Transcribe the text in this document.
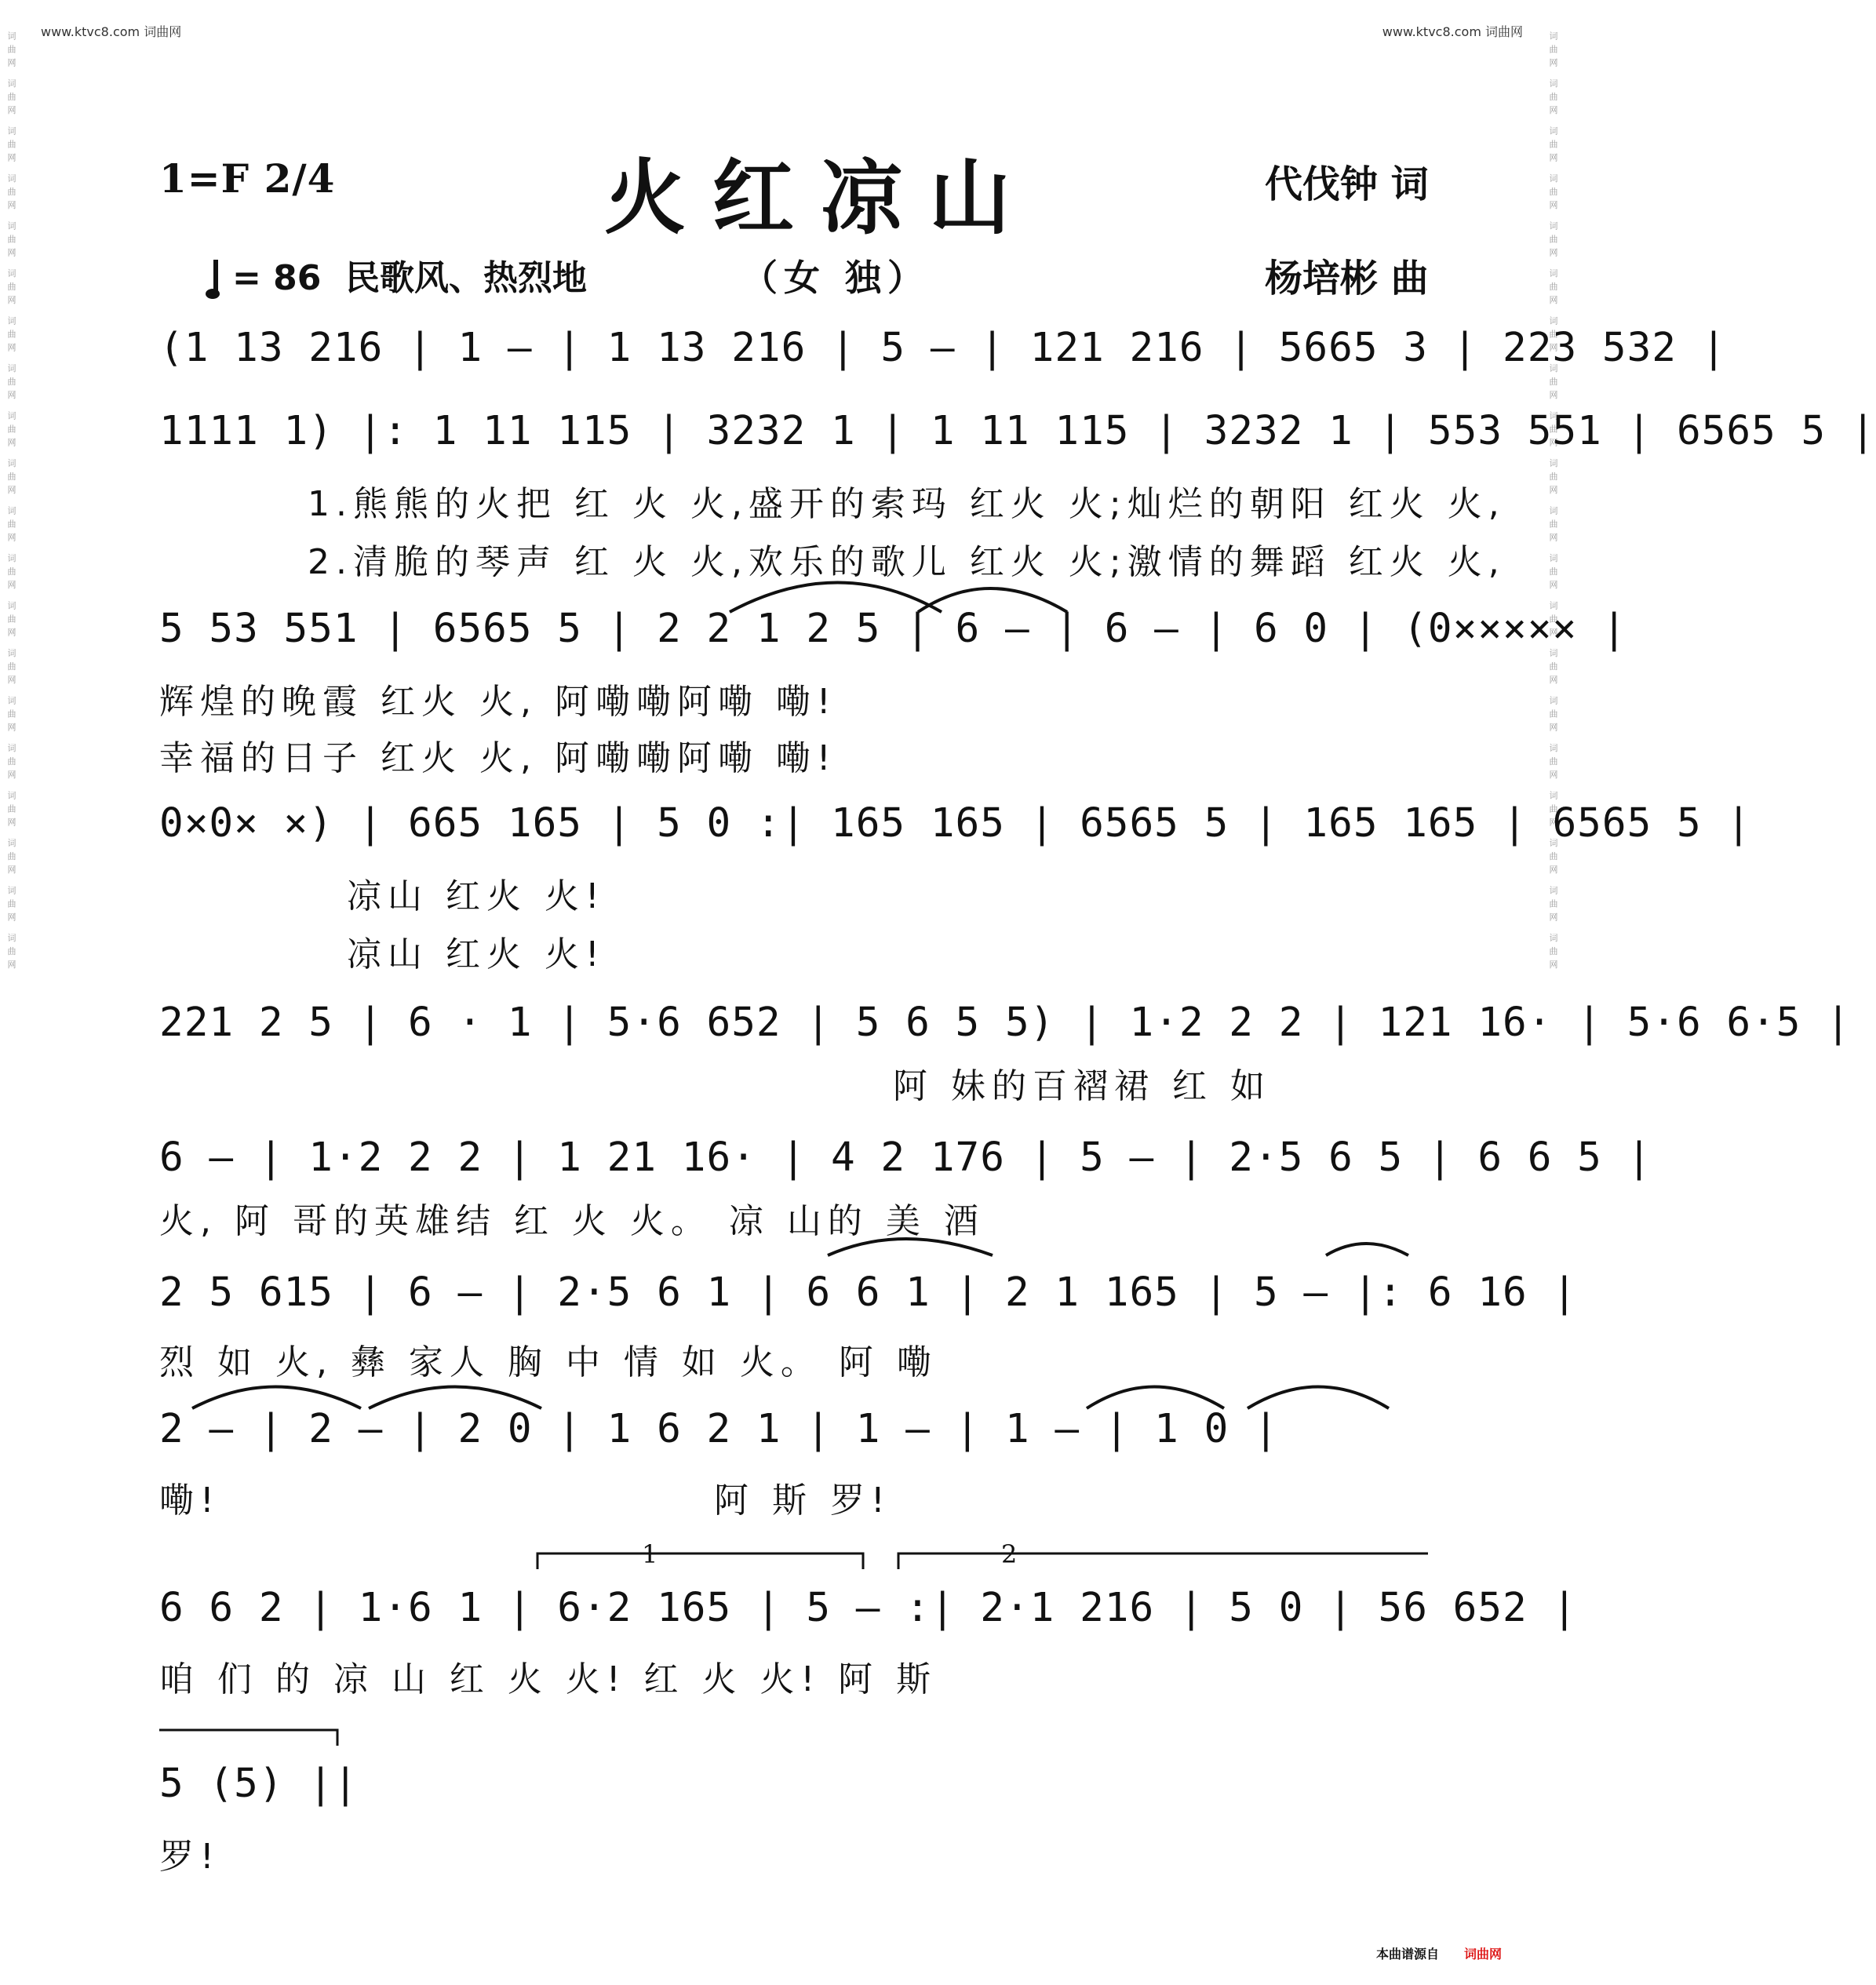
www.ktvc8.com 词曲网	www.ktvc8.com 词曲网
词曲网 词曲网 词曲网 词曲网 词曲网 词曲网 词曲网 词曲网 词曲网 词曲网 词曲网 词曲网 词曲网 词曲网 词曲网 词曲网 词曲网 词曲网 词曲网 词曲网	词曲网 词曲网 词曲网 词曲网 词曲网 词曲网 词曲网 词曲网 词曲网 词曲网 词曲网 词曲网 词曲网 词曲网 词曲网 词曲网 词曲网 词曲网 词曲网 词曲网
1=F 2/4	火红凉山	代伐钟 词
杨培彬 曲
= 86 民歌风、热烈地	（女 独）
(1 13 216 | 1 — | 1 13 216 | 5 — | 121 216 | 5665 3 | 223 532 |
1111 1) |: 1 11 115 | 3232 1 | 1 11 115 | 3232 1 | 553 551 | 6565 5 |
1.熊熊的火把 红 火 火,盛开的索玛 红火 火;灿烂的朝阳 红火 火,
2.清脆的琴声 红 火 火,欢乐的歌儿 红火 火;激情的舞蹈 红火 火,
5 53 551 | 6565 5 | 2 2 1 2 5 | 6 — | 6 — | 6 0 | (0××××× |
辉煌的晚霞 红火 火, 阿嘞嘞阿嘞 嘞!
幸福的日子 红火 火, 阿嘞嘞阿嘞 嘞!
0×0× ×) | 665 165 | 5 0 :| 165 165 | 6565 5 | 165 165 | 6565 5 |
凉山 红火 火!
凉山 红火 火!
221 2 5 | 6 · 1 | 5·6 652 | 5 6 5 5) | 1·2 2 2 | 121 16· | 5·6 6·5 |
阿 妹的百褶裙 红 如
6 — | 1·2 2 2 | 1 21 16· | 4 2 176 | 5 — | 2·5 6 5 | 6 6 5 |
火, 阿 哥的英雄结 红 火 火。 凉 山的 美 酒
2 5 615 | 6 — | 2·5 6 1 | 6 6 1 | 2 1 165 | 5 — |: 6 16 |
烈 如 火, 彝 家人 胸 中 情 如 火。 阿 嘞
2 — | 2 — | 2 0 | 1 6 2 1 | 1 — | 1 — | 1 0 |
嘞!	阿 斯 罗!
1	2
6 6 2 | 1·6 1 | 6·2 165 | 5 — :| 2·1 216 | 5 0 | 56 652 |
咱 们 的 凉 山 红 火 火! 红 火 火! 阿 斯
5 (5) ||
罗!
本曲谱源自 词曲网
